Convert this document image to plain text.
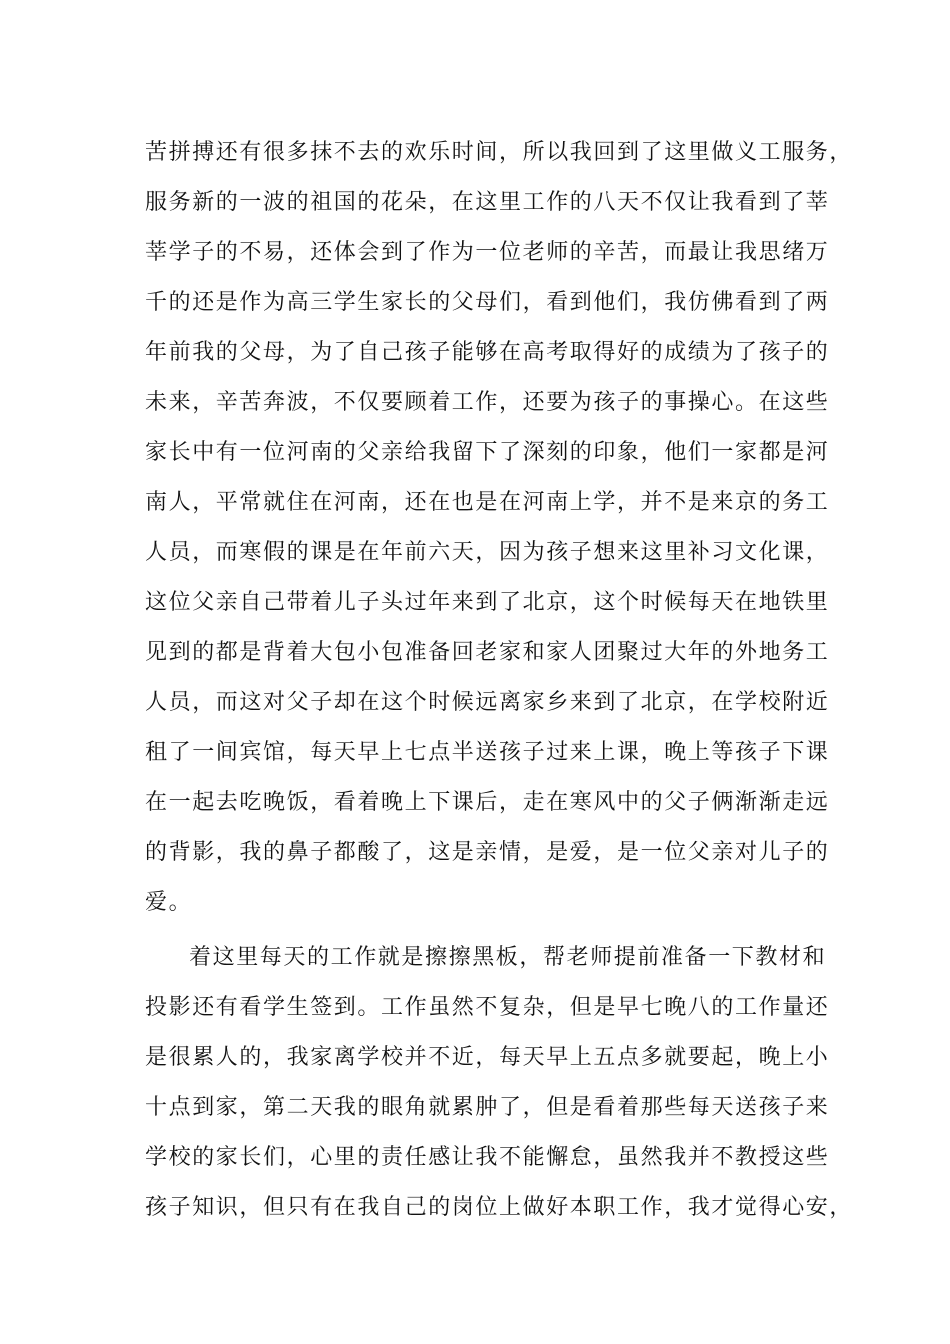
苦拼搏还有很多抹不去的欢乐时间，所以我回到了这里做义工服务，
服务新的一波的祖国的花朵，在这里工作的八天不仅让我看到了莘
莘学子的不易，还体会到了作为一位老师的辛苦，而最让我思绪万
千的还是作为高三学生家长的父母们，看到他们，我仿佛看到了两
年前我的父母，为了自己孩子能够在高考取得好的成绩为了孩子的
未来，辛苦奔波，不仅要顾着工作，还要为孩子的事操心。在这些
家长中有一位河南的父亲给我留下了深刻的印象，他们一家都是河
南人，平常就住在河南，还在也是在河南上学，并不是来京的务工
人员，而寒假的课是在年前六天，因为孩子想来这里补习文化课，
这位父亲自己带着儿子头过年来到了北京，这个时候每天在地铁里
见到的都是背着大包小包准备回老家和家人团聚过大年的外地务工
人员，而这对父子却在这个时候远离家乡来到了北京，在学校附近
租了一间宾馆，每天早上七点半送孩子过来上课，晚上等孩子下课
在一起去吃晚饭，看着晚上下课后，走在寒风中的父子俩渐渐走远
的背影，我的鼻子都酸了，这是亲情，是爱，是一位父亲对儿子的
爱。
着这里每天的工作就是擦擦黑板，帮老师提前准备一下教材和
投影还有看学生签到。工作虽然不复杂，但是早七晚八的工作量还
是很累人的，我家离学校并不近，每天早上五点多就要起，晚上小
十点到家，第二天我的眼角就累肿了，但是看着那些每天送孩子来
学校的家长们，心里的责任感让我不能懈怠，虽然我并不教授这些
孩子知识，但只有在我自己的岗位上做好本职工作，我才觉得心安，
